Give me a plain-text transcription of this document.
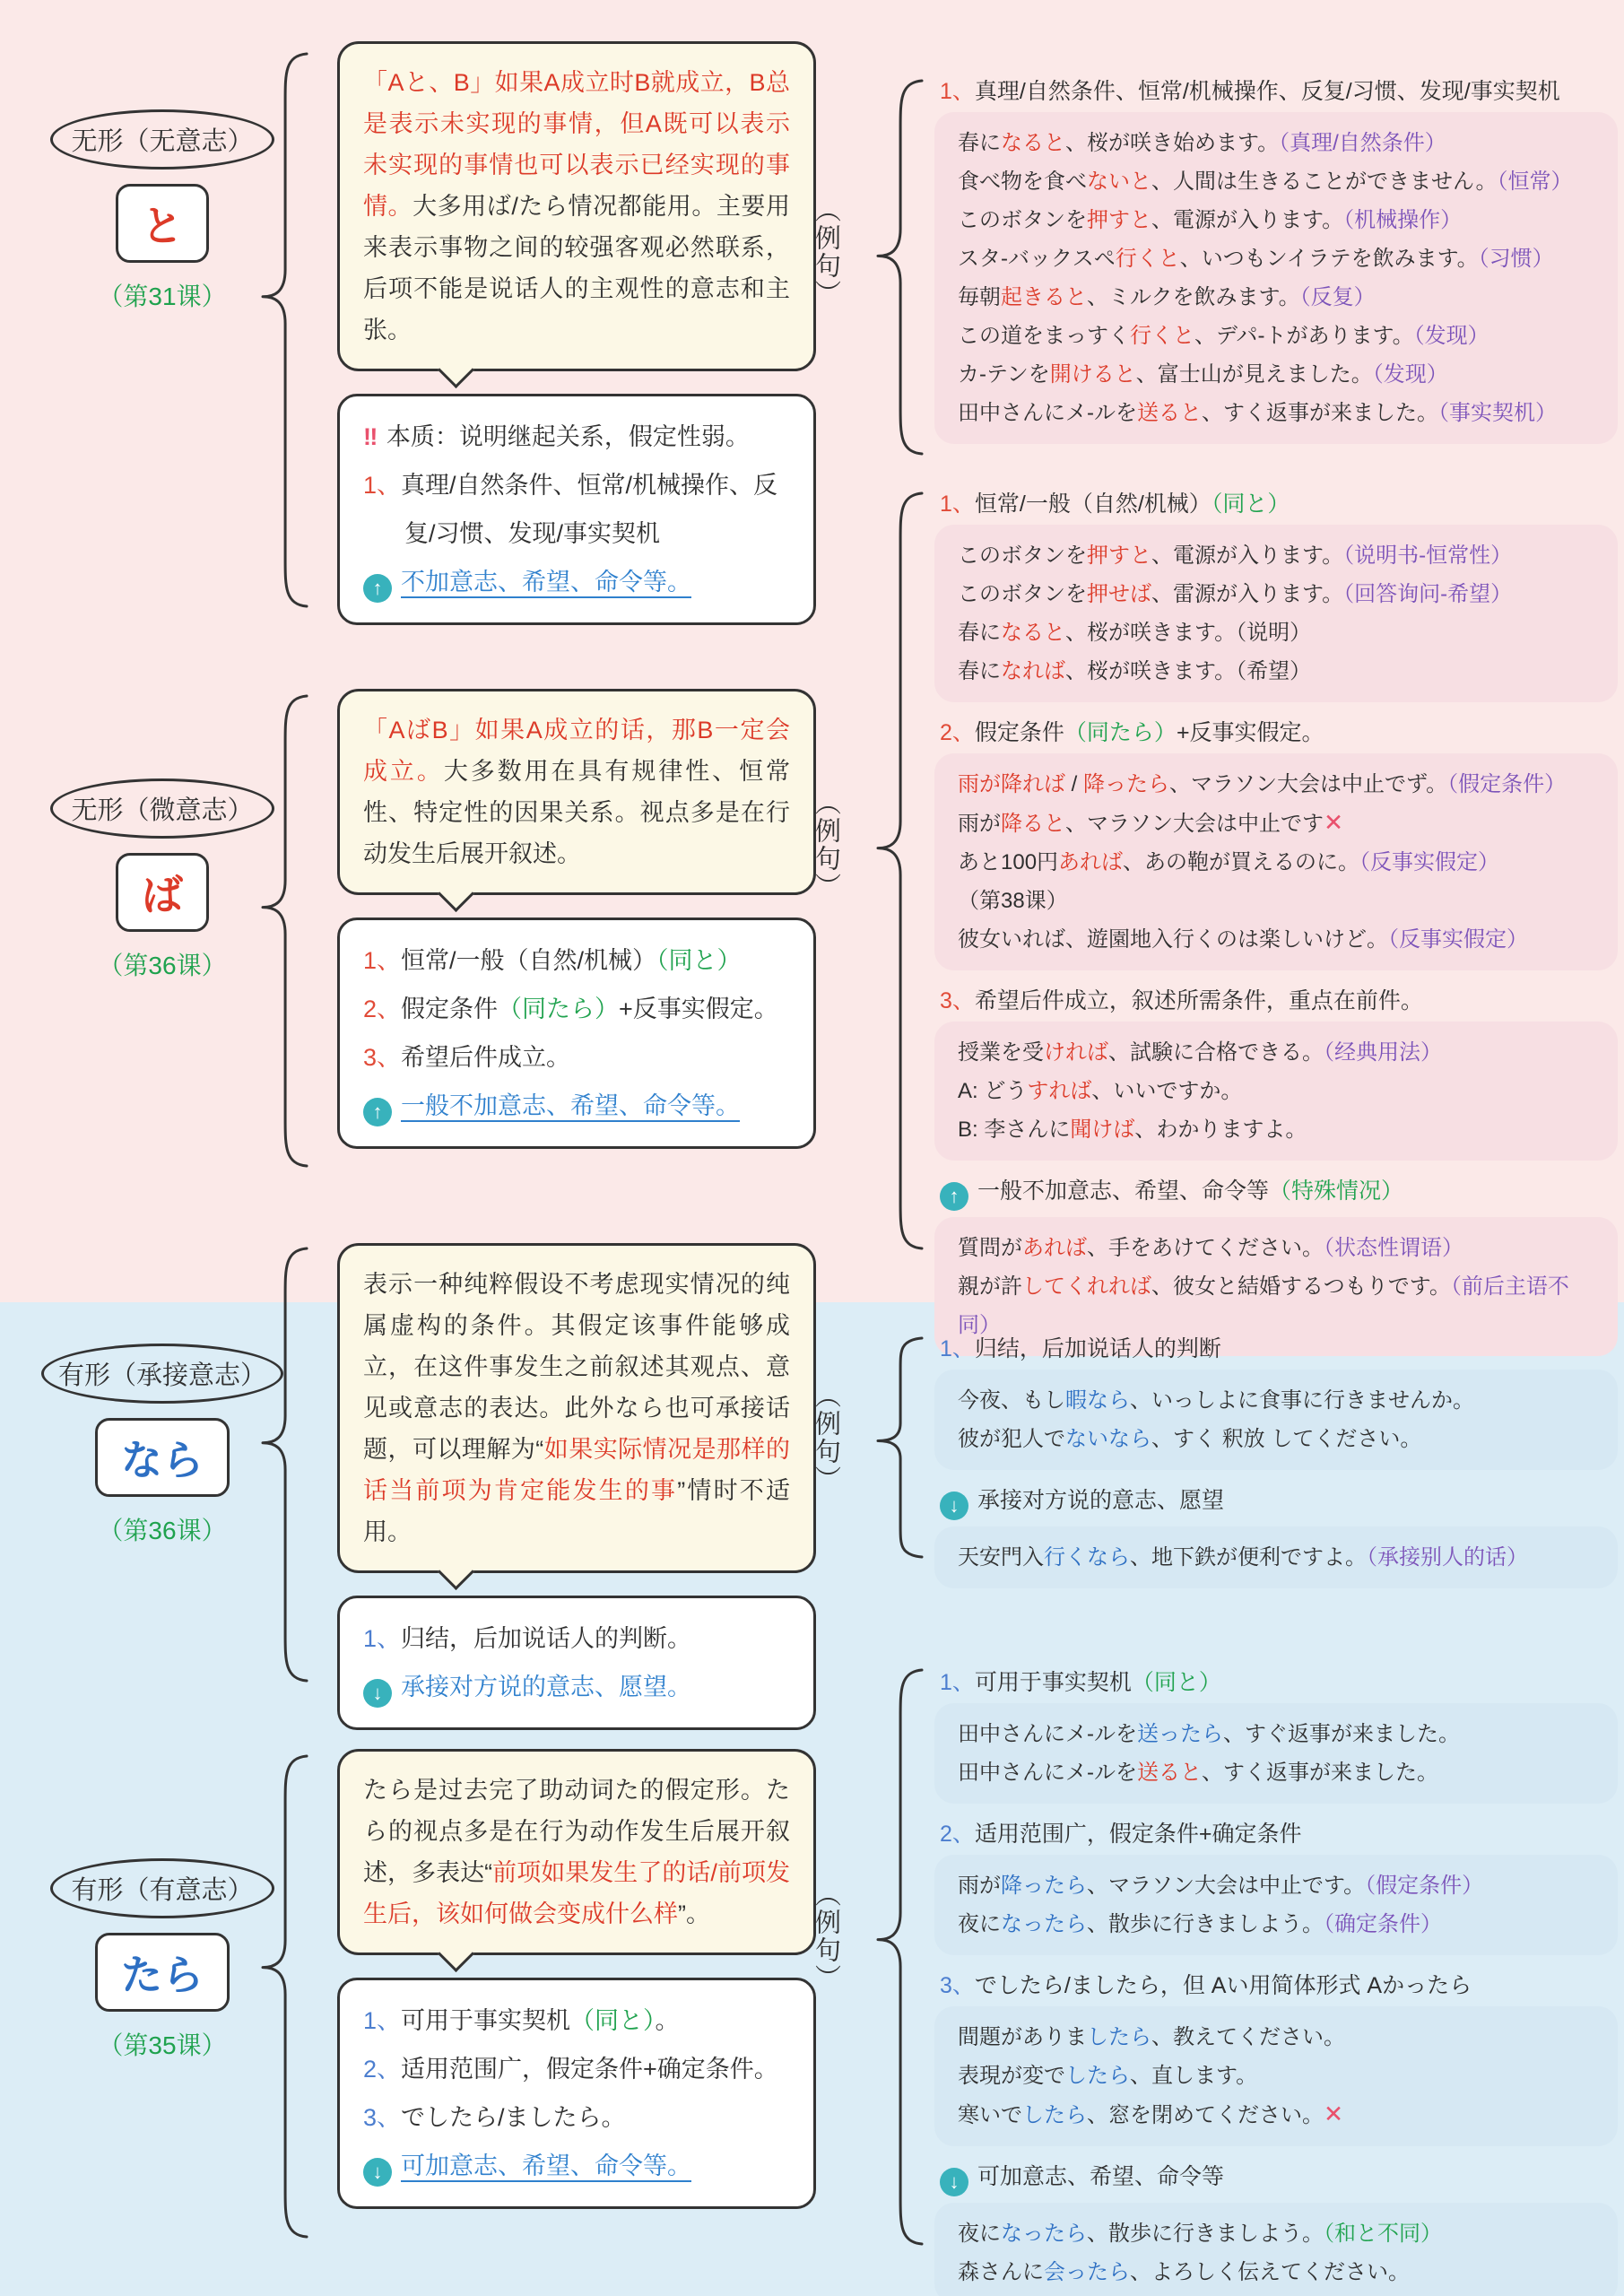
无形（无意志）
と
（第31课）
「Aと、B」如果A成立时B就成立，B总是表示未实现的事情，但A既可以表示未实现的事情也可以表示已经实现的事情。大多用ば/たら情况都能用。主要用来表示事物之间的较强客观必然联系，后项不能是说话人的主观性的意志和主张。
‼ 本质：说明继起关系，假定性弱。
1、真理/自然条件、恒常/机械操作、反复/习惯、发现/事实契机
↑ 不加意志、希望、命令等。
（例句）
1、真理/自然条件、恒常/机械操作、反复/习惯、发现/事实契机
春になると、桜が咲き始めます。（真理/自然条件）
食べ物を食べないと、人間は生きることができません。（恒常）
このボタンを押すと、電源が入ります。（机械操作）
スタ-バックスペ行くと、いつもンイラテを飲みます。（习惯）
毎朝起きると、ミルクを飲みます。（反复）
この道をまっすく行くと、デパ-トがあります。（发现）
カ-テンを開けると、富士山が見えました。（发现）
田中さんにメ-ルを送ると、すく返事が来ました。（事实契机）
无形（微意志）
ば
（第36课）
「AばB」如果A成立的话，那B一定会成立。大多数用在具有规律性、恒常性、特定性的因果关系。视点多是在行动发生后展开叙述。
1、恒常/一般（自然/机械）（同と）
2、假定条件（同たら）+反事实假定。
3、希望后件成立。
↑ 一般不加意志、希望、命令等。
（例句）
1、恒常/一般（自然/机械）（同と）
このボタンを押すと、電源が入ります。（说明书-恒常性）
このボタンを押せば、雷源が入ります。（回答询问-希望）
春になると、桜が咲きます。（说明）
春になれば、桜が咲きます。（希望）
2、假定条件（同たら）+反事实假定。
雨が降れば / 降ったら、マラソン大会は中止でず。（假定条件）
雨が降ると、マラソン大会は中止です✕
あと100円あれば、あの鞄が買えるのに。（反事实假定）（第38课）
彼女いれば、遊園地入行くのは楽しいけど。（反事实假定）
3、希望后件成立，叙述所需条件，重点在前件。
授業を受ければ、試験に合格できる。（经典用法）
A: どうすれば、いいですか。
B: 李さんに聞けば、わかりますよ。
↑ 一般不加意志、希望、命令等（特殊情况）
質問があれば、手をあけてください。（状态性谓语）
親が許してくれれば、彼女と結婚するつもりです。（前后主语不同）
有形（承接意志）
なら
（第36课）
表示一种纯粹假设不考虑现实情况的纯属虚构的条件。其假定该事件能够成立，在这件事发生之前叙述其观点、意见或意志的表达。此外なら也可承接话题，可以理解为“如果实际情况是那样的话当前项为肯定能发生的事”情时不适用。
1、归结，后加说话人的判断。
↓ 承接对方说的意志、愿望。
（例句）
1、归结，后加说话人的判断
今夜、もし暇なら、いっしよに食事に行きませんか。
彼が犯人でないなら、すく 釈放 してください。
↓ 承接对方说的意志、愿望
天安門入行くなら、地下鉄が便利ですよ。（承接别人的话）
有形（有意志）
たら
（第35课）
たら是过去完了助动词た的假定形。たら的视点多是在行为动作发生后展开叙述，多表达“前项如果发生了的话/前项发生后，该如何做会变成什么样”。
1、可用于事实契机（同と）。
2、适用范围广，假定条件+确定条件。
3、でしたら/ましたら。
↓ 可加意志、希望、命令等。
（例句）
1、可用于事实契机（同と）
田中さんにメ-ルを送ったら、すぐ返事が来ました。
田中さんにメ-ルを送ると、すく返事が来ました。
2、适用范围广，假定条件+确定条件
雨が降ったら、マラソン大会は中止です。（假定条件）
夜になったら、散歩に行きましよう。（确定条件）
3、でしたら/ましたら，但 Aい用简体形式 Aかったら
間題がありましたら、教えてください。
表現が変でしたら、直します。
寒いでしたら、窓を閉めてください。✕
↓ 可加意志、希望、命令等
夜になったら、散歩に行きましよう。（和と不同）
森さんに会ったら、よろしく伝えてください。
